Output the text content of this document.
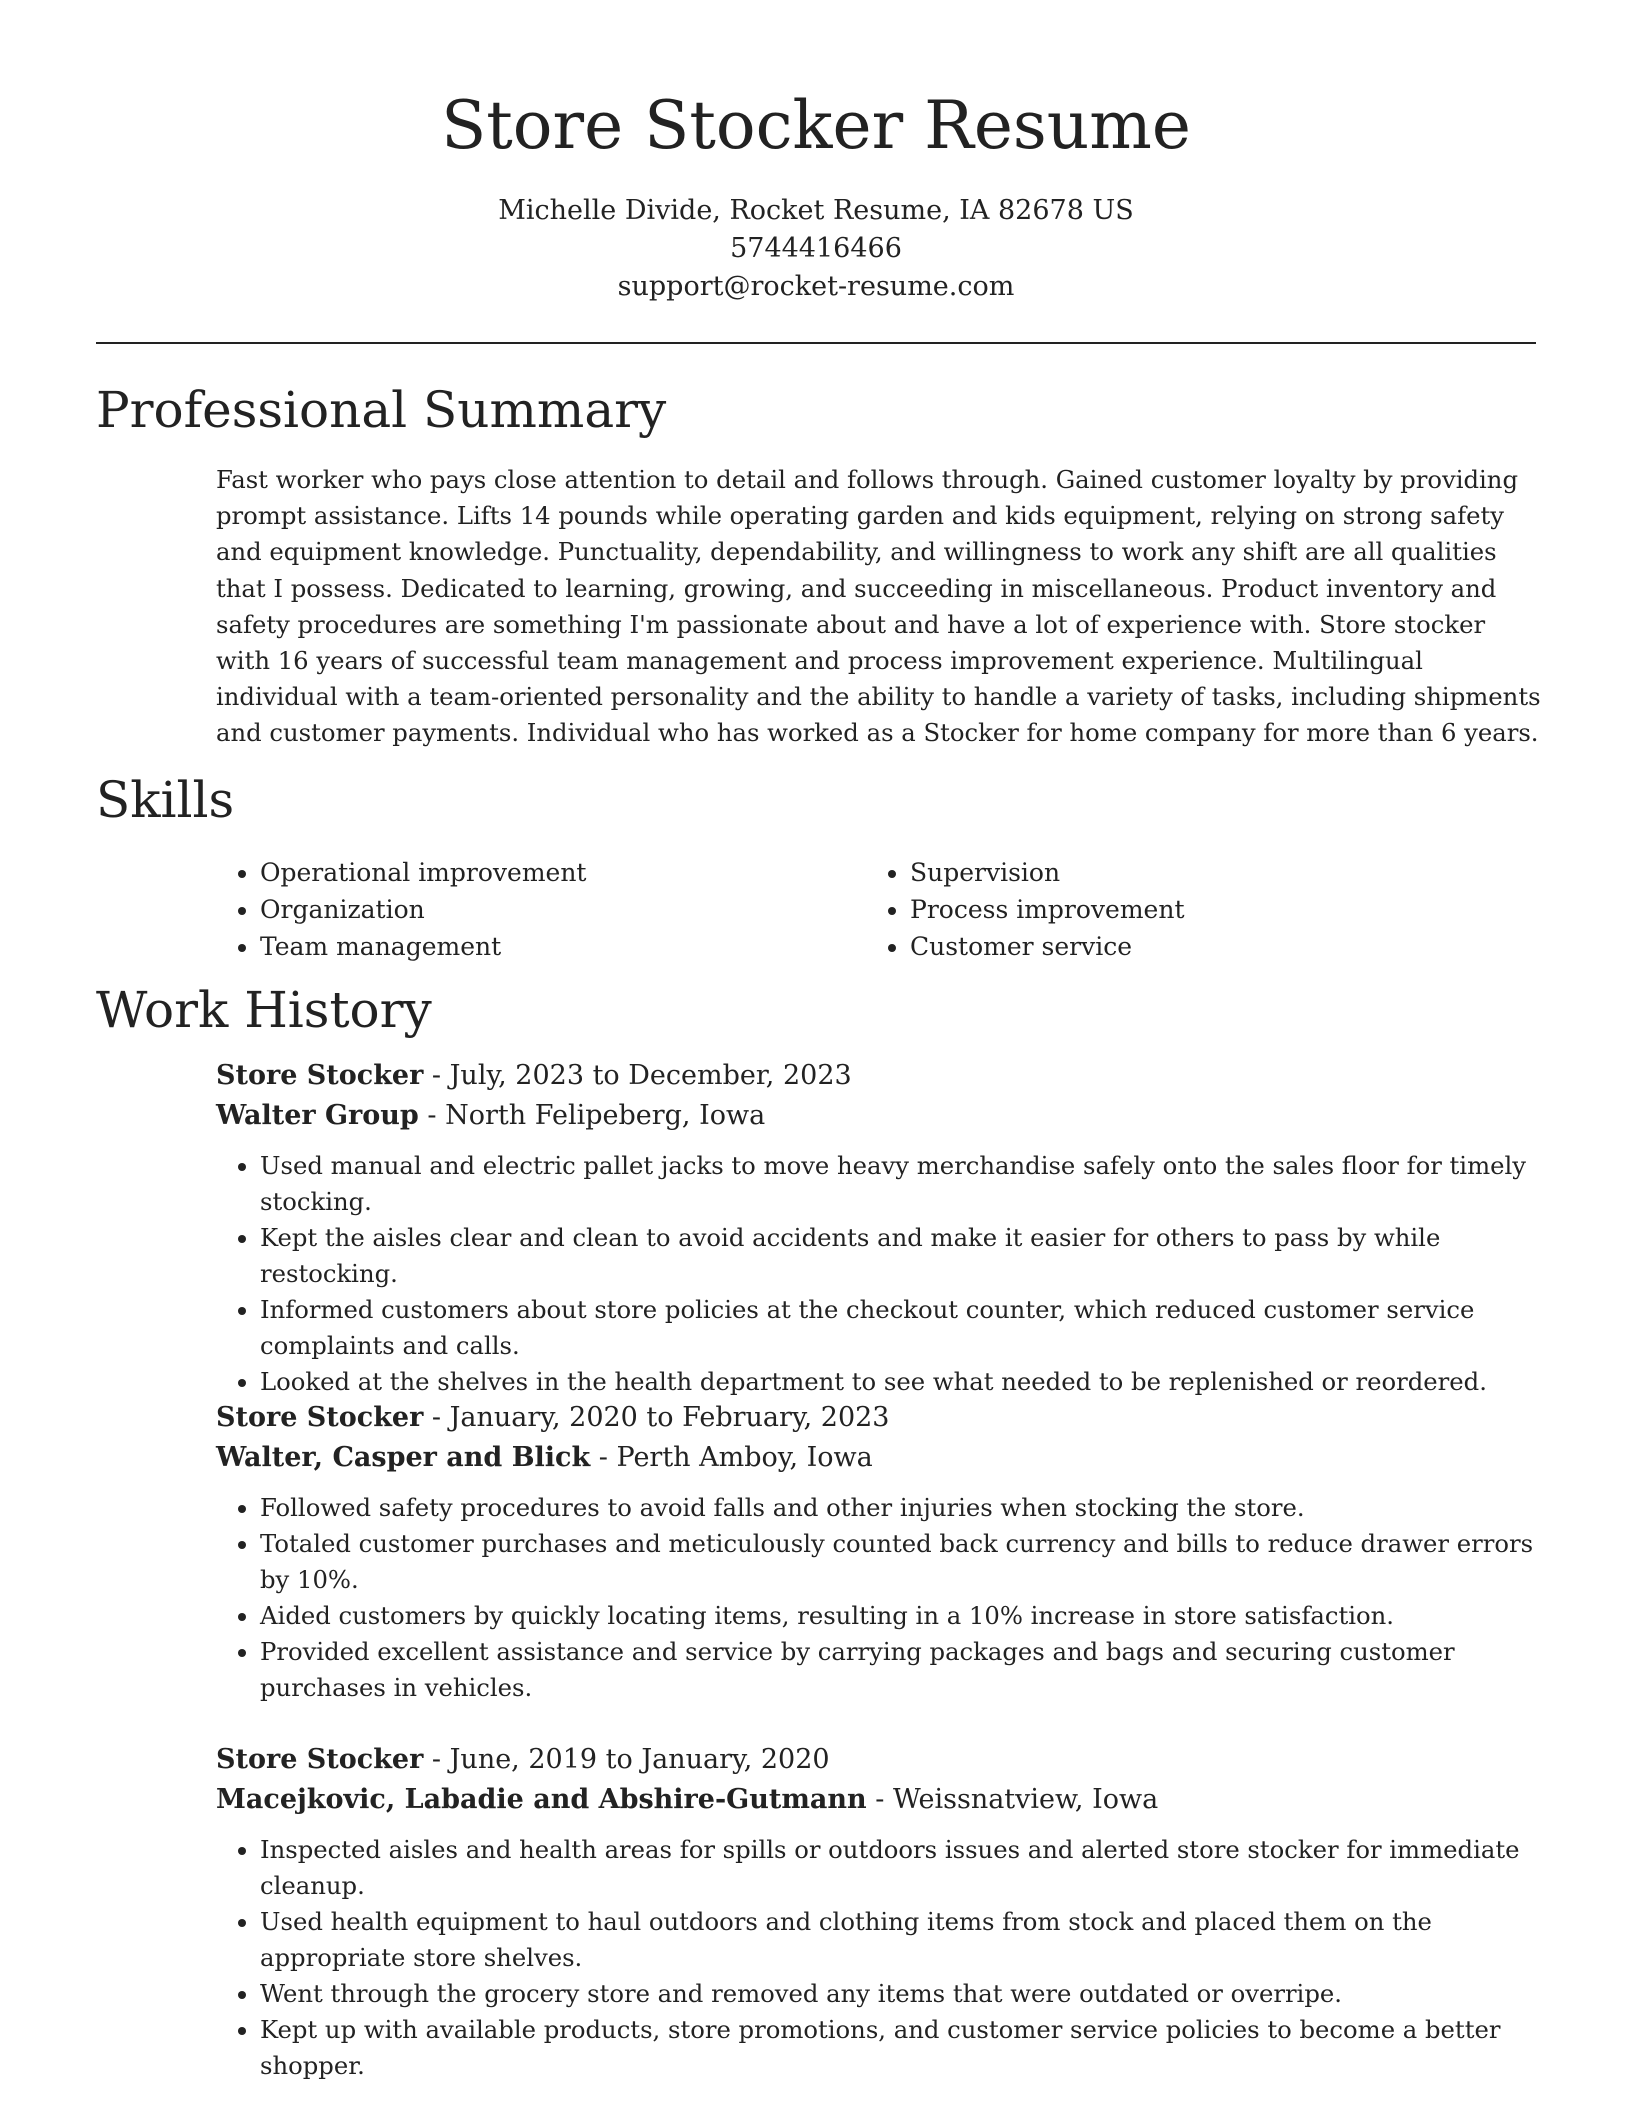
Store Stocker Resume
Michelle Divide, Rocket Resume, IA 82678 US
5744416466
support@rocket-resume.com
Professional Summary

Fast worker who pays close attention to detail and follows through. Gained customer loyalty by providing prompt assistance. Lifts 14 pounds while operating garden and kids equipment, relying on strong safety and equipment knowledge. Punctuality, dependability, and willingness to work any shift are all qualities that I possess. Dedicated to learning, growing, and succeeding in miscellaneous. Product inventory and safety procedures are something I'm passionate about and have a lot of experience with. Store stocker with 16 years of successful team management and process improvement experience. Multilingual individual with a team-oriented personality and the ability to handle a variety of tasks, including shipments and customer payments. Individual who has worked as a Stocker for home company for more than 6 years.

Skills
• Operational improvement
• Organization
• Team management
• Supervision
• Process improvement
• Customer service
Work History

Store Stocker - July, 2023 to December, 2023

Walter Group - North Felipeberg, Iowa

• Used manual and electric pallet jacks to move heavy merchandise safely onto the sales floor for timely stocking.
• Kept the aisles clear and clean to avoid accidents and make it easier for others to pass by while restocking.
• Informed customers about store policies at the checkout counter, which reduced customer service complaints and calls.
• Looked at the shelves in the health department to see what needed to be replenished or reordered.

Store Stocker - January, 2020 to February, 2023

Walter, Casper and Blick - Perth Amboy, Iowa

• Followed safety procedures to avoid falls and other injuries when stocking the store.
• Totaled customer purchases and meticulously counted back currency and bills to reduce drawer errors by 10%.
• Aided customers by quickly locating items, resulting in a 10% increase in store satisfaction.
• Provided excellent assistance and service by carrying packages and bags and securing customer purchases in vehicles.

Store Stocker - June, 2019 to January, 2020

Macejkovic, Labadie and Abshire-Gutmann - Weissnatview, Iowa

• Inspected aisles and health areas for spills or outdoors issues and alerted store stocker for immediate cleanup.
• Used health equipment to haul outdoors and clothing items from stock and placed them on the appropriate store shelves.
• Went through the grocery store and removed any items that were outdated or overripe.
• Kept up with available products, store promotions, and customer service policies to become a better shopper.
